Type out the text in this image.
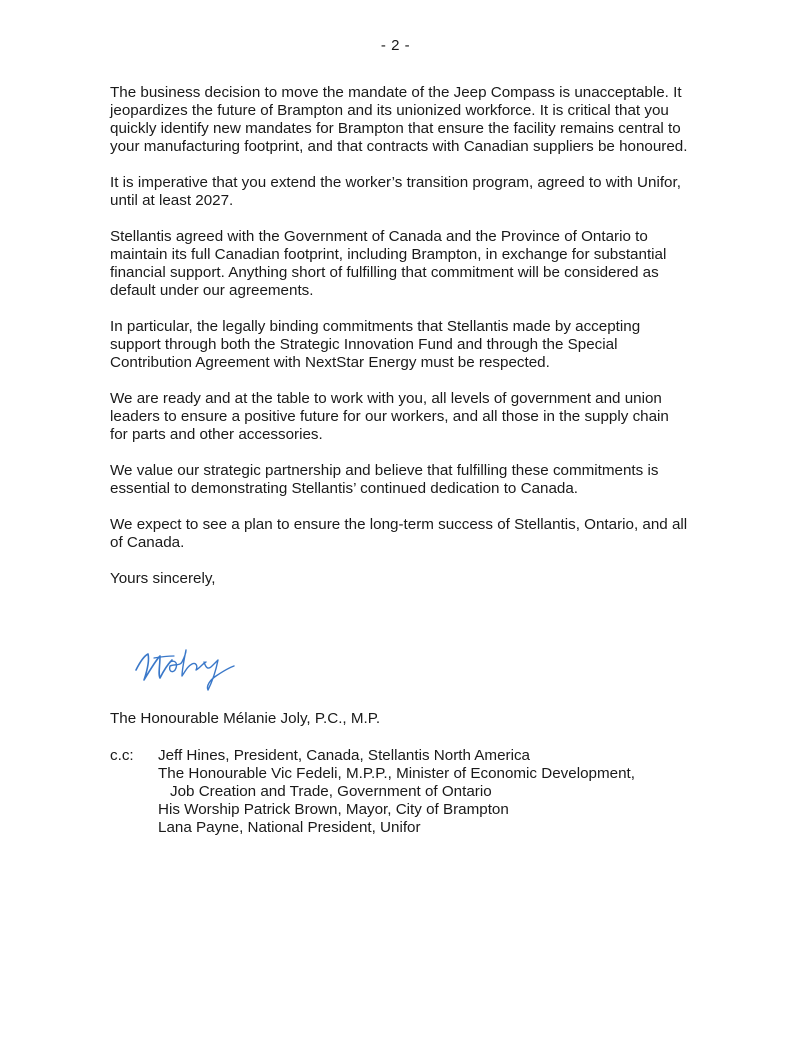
- 2 -

The business decision to move the mandate of the Jeep Compass is unacceptable. It jeopardizes the future of Brampton and its unionized workforce. It is critical that you quickly identify new mandates for Brampton that ensure the facility remains central to your manufacturing footprint, and that contracts with Canadian suppliers be honoured.

It is imperative that you extend the worker’s transition program, agreed to with Unifor, until at least 2027.

Stellantis agreed with the Government of Canada and the Province of Ontario to maintain its full Canadian footprint, including Brampton, in exchange for substantial financial support. Anything short of fulfilling that commitment will be considered as default under our agreements.

In particular, the legally binding commitments that Stellantis made by accepting support through both the Strategic Innovation Fund and through the Special Contribution Agreement with NextStar Energy must be respected.

We are ready and at the table to work with you, all levels of government and union leaders to ensure a positive future for our workers, and all those in the supply chain for parts and other accessories.

We value our strategic partnership and believe that fulfilling these commitments is essential to demonstrating Stellantis’ continued dedication to Canada.

We expect to see a plan to ensure the long-term success of Stellantis, Ontario, and all of Canada.

Yours sincerely,

The Honourable Mélanie Joly, P.C., M.P.

c.c: Jeff Hines, President, Canada, Stellantis North America
The Honourable Vic Fedeli, M.P.P., Minister of Economic Development,
Job Creation and Trade, Government of Ontario
His Worship Patrick Brown, Mayor, City of Brampton
Lana Payne, National President, Unifor
